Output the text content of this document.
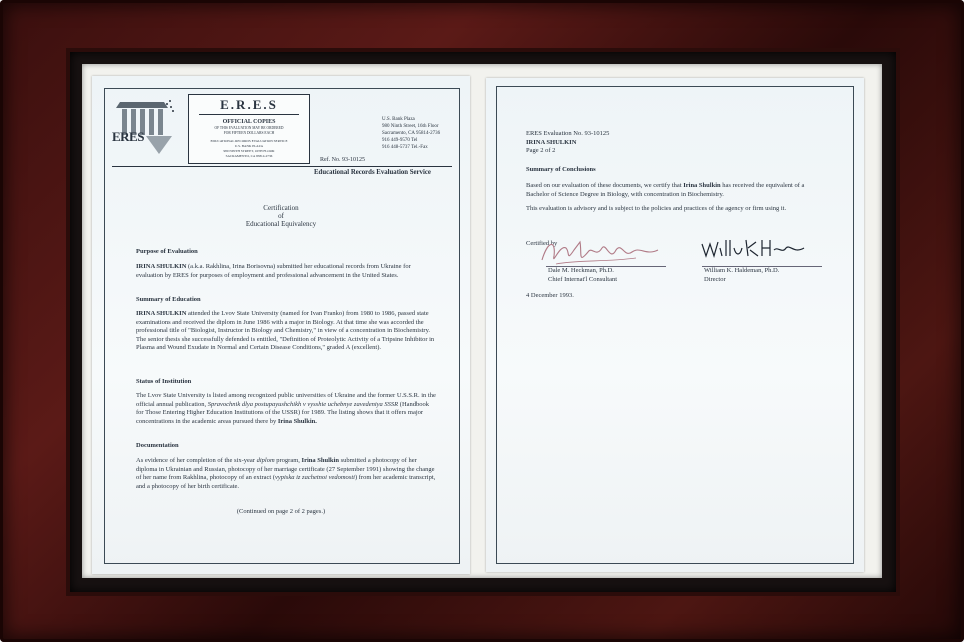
ERES
E.R.E.S
OFFICIAL COPIES
OF THIS EVALUATION MAY BE ORDERED
FOR FIFTEEN DOLLARS EACH
EDUCATIONAL RECORDS EVALUATION SERVICE
U.S. BANK PLAZA
980 NINTH STREET, 16TH FLOOR
SACRAMENTO, CA 95814-2736
U.S. Bank Plaza
980 Ninth Street, 16th Floor
Sacramento, CA 95814-2736
916 449-9570 Tel
916 448-5737 Tel.-Fax
Ref. No. 93-10125
Educational Records Evaluation Service
Certification
of
Educational Equivalency
Purpose of Evaluation
IRINA SHULKIN (a.k.a. Rakhlina, Irina Borisovna) submitted her educational records from Ukraine for evaluation by ERES for purposes of employment and professional advancement in the United States.
Summary of Education
IRINA SHULKIN attended the Lvov State University (named for Ivan Franko) from 1980 to 1986, passed state examinations and received the diplom in June 1986 with a major in Biology. At that time she was accorded the professional title of "Biologist, Instructor in Biology and Chemistry," in view of a concentration in Biochemistry. The senior thesis she successfully defended is entitled, "Definition of Proteolytic Activity of a Tripsine Inhibitor in Plasma and Wound Exudate in Normal and Certain Disease Conditions," graded A (excellent).
Status of Institution
The Lvov State University is listed among recognized public universities of Ukraine and the former U.S.S.R. in the official annual publication, Spravochnik dlya postupayushchikh v vysshie uchebnye zavedeniya SSSR (Handbook for Those Entering Higher Education Institutions of the USSR) for 1989. The listing shows that it offers major concentrations in the academic areas pursued there by Irina Shulkin.
Documentation
As evidence of her completion of the six-year diplom program, Irina Shulkin submitted a photocopy of her diploma in Ukrainian and Russian, photocopy of her marriage certificate (27 September 1991) showing the change of her name from Rakhlina, photocopy of an extract (vypiska iz zachetnoi vedomosti) from her academic transcript, and a photocopy of her birth certificate.
(Continued on page 2 of 2 pages.)
ERES Evaluation No. 93-10125
IRINA SHULKIN
Page 2 of 2
Summary of Conclusions
Based on our evaluation of these documents, we certify that Irina Shulkin has received the equivalent of a Bachelor of Science Degree in Biology, with concentration in Biochemistry.
This evaluation is advisory and is subject to the policies and practices of the agency or firm using it.
Certified by
Dale M. Heckman, Ph.D.
Chief Internat'l Consultant
William K. Haldeman, Ph.D.
Director
4 December 1993.
